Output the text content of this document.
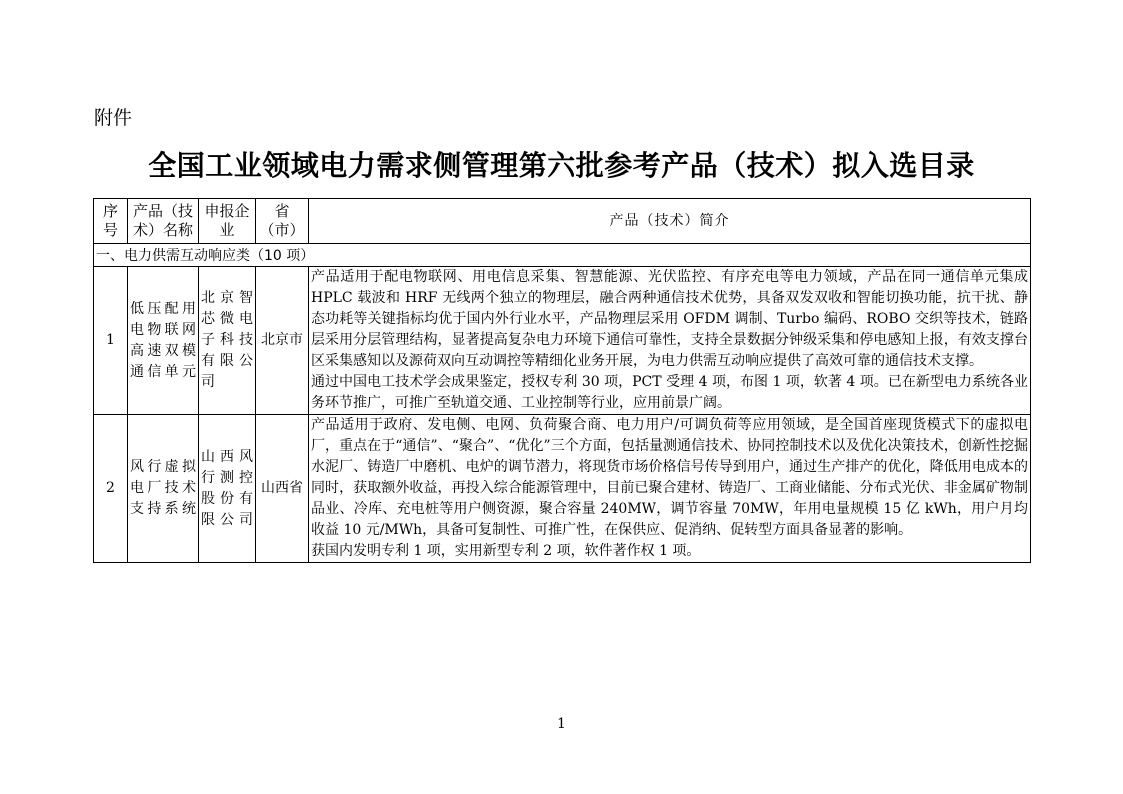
附件
全国工业领域电力需求侧管理第六批参考产品（技术）拟入选目录
序号	产品（技术）名称	申报企业	省（市）	产品（技术）简介
一、电力供需互动响应类（10 项）				
1	低压配用电物联网高速双模通信单元	北京智芯微电子科技有限公司	北京市	产品适用于配电物联网、用电信息采集、智慧能源、光伏监控、有序充电等电力领域，产品在同一通信单元集成 HPLC 载波和 HRF 无线两个独立的物理层，融合两种通信技术优势，具备双发双收和智能切换功能，抗干扰、静态功耗等关键指标均优于国内外行业水平，产品物理层采用 OFDM 调制、Turbo 编码、ROBO 交织等技术，链路层采用分层管理结构，显著提高复杂电力环境下通信可靠性，支持全景数据分钟级采集和停电感知上报，有效支撑台区采集感知以及源荷双向互动调控等精细化业务开展，为电力供需互动响应提供了高效可靠的通信技术支撑。

通过中国电工技术学会成果鉴定，授权专利 30 项，PCT 受理 4 项，布图 1 项，软著 4 项。已在新型电力系统各业务环节推广，可推广至轨道交通、工业控制等行业，应用前景广阔。

2	风行虚拟电厂技术支持系统	山西风行测控股份有限公司	山西省	产品适用于政府、发电侧、电网、负荷聚合商、电力用户/可调负荷等应用领域，是全国首座现货模式下的虚拟电厂，重点在于“通信”、“聚合”、“优化”三个方面，包括量测通信技术、协同控制技术以及优化决策技术，创新性挖掘水泥厂、铸造厂中磨机、电炉的调节潜力，将现货市场价格信号传导到用户，通过生产排产的优化，降低用电成本的同时，获取额外收益，再投入综合能源管理中，目前已聚合建材、铸造厂、工商业储能、分布式光伏、非金属矿物制品业、冷库、充电桩等用户侧资源，聚合容量 240MW，调节容量 70MW，年用电量规模 15 亿 kWh，用户月均收益 10 元/MWh，具备可复制性、可推广性，在保供应、促消纳、促转型方面具备显著的影响。

获国内发明专利 1 项，实用新型专利 2 项，软件著作权 1 项。

1
